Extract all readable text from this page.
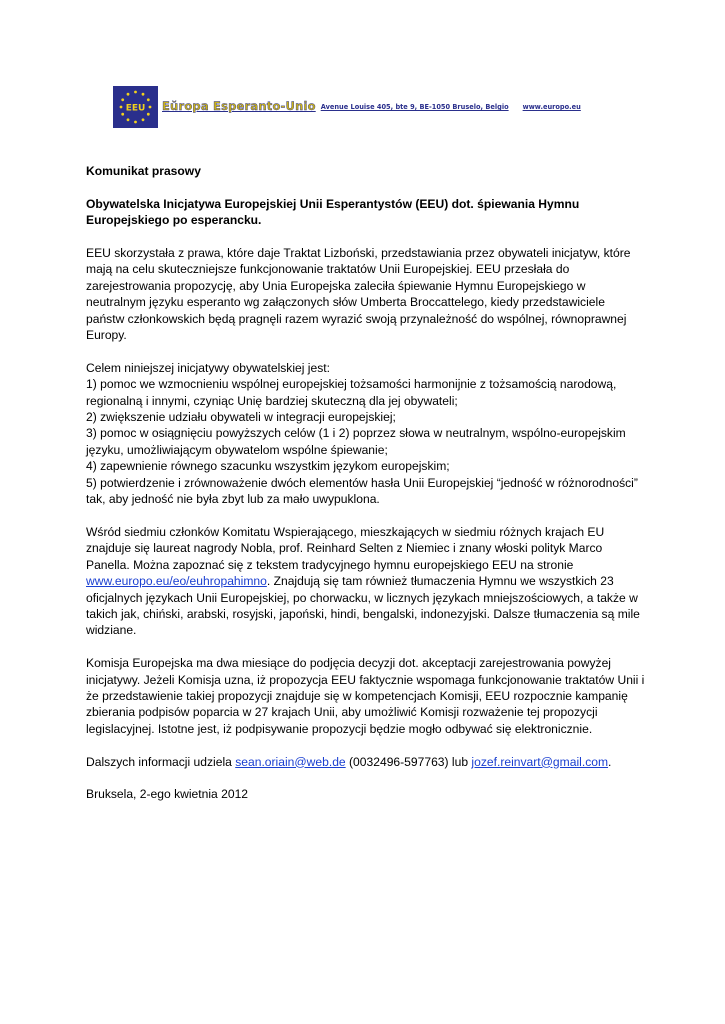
EEU Eŭropa Esperanto-Unio Avenue Louise 405, bte 9, BE-1050 Bruselo, Belgio www.europo.eu

Komunikat prasowy

Obywatelska Inicjatywa Europejskiej Unii Esperantystów (EEU) dot. śpiewania Hymnu Europejskiego po esperancku.

EEU skorzystała z prawa, które daje Traktat Lizboński, przedstawiania przez obywateli inicjatyw, które mają na celu skuteczniejsze funkcjonowanie traktatów Unii Europejskiej. EEU przesłała do zarejestrowania propozycję, aby Unia Europejska zaleciła śpiewanie Hymnu Europejskiego w neutralnym języku esperanto wg załączonych słów Umberta Broccattelego, kiedy przedstawiciele państw członkowskich będą pragnęli razem wyrazić swoją przynależność do wspólnej, równoprawnej Europy.

Celem niniejszej inicjatywy obywatelskiej jest:
1) pomoc we wzmocnieniu wspólnej europejskiej tożsamości harmonijnie z tożsamością narodową, regionalną i innymi, czyniąc Unię bardziej skuteczną dla jej obywateli;
2) zwiększenie udziału obywateli w integracji europejskiej;
3) pomoc w osiągnięciu powyższych celów (1 i 2) poprzez słowa w neutralnym, wspólno-europejskim języku, umożliwiającym obywatelom wspólne śpiewanie;
4) zapewnienie równego szacunku wszystkim językom europejskim;
5) potwierdzenie i zrównoważenie dwóch elementów hasła Unii Europejskiej “jedność w różnorodności” tak, aby jedność nie była zbyt lub za mało uwypuklona.

Wśród siedmiu członków Komitatu Wspierającego, mieszkających w siedmiu różnych krajach EU znajduje się laureat nagrody Nobla, prof. Reinhard Selten z Niemiec i znany włoski polityk Marco Panella. Można zapoznać się z tekstem tradycyjnego hymnu europejskiego EEU na stronie www.europo.eu/eo/euhropahimno. Znajdują się tam również tłumaczenia Hymnu we wszystkich 23 oficjalnych językach Unii Europejskiej, po chorwacku, w licznych językach mniejszościowych, a także w takich jak, chiński, arabski, rosyjski, japoński, hindi, bengalski, indonezyjski. Dalsze tłumaczenia są mile widziane.

Komisja Europejska ma dwa miesiące do podjęcia decyzji dot. akceptacji zarejestrowania powyżej inicjatywy. Jeżeli Komisja uzna, iż propozycja EEU faktycznie wspomaga funkcjonowanie traktatów Unii i że przedstawienie takiej propozycji znajduje się w kompetencjach Komisji, EEU rozpocznie kampanię zbierania podpisów poparcia w 27 krajach Unii, aby umożliwić Komisji rozważenie tej propozycji legislacyjnej. Istotne jest, iż podpisywanie propozycji będzie mogło odbywać się elektronicznie.

Dalszych informacji udziela sean.oriain@web.de (0032496-597763) lub jozef.reinvart@gmail.com.

Bruksela, 2-ego kwietnia 2012
